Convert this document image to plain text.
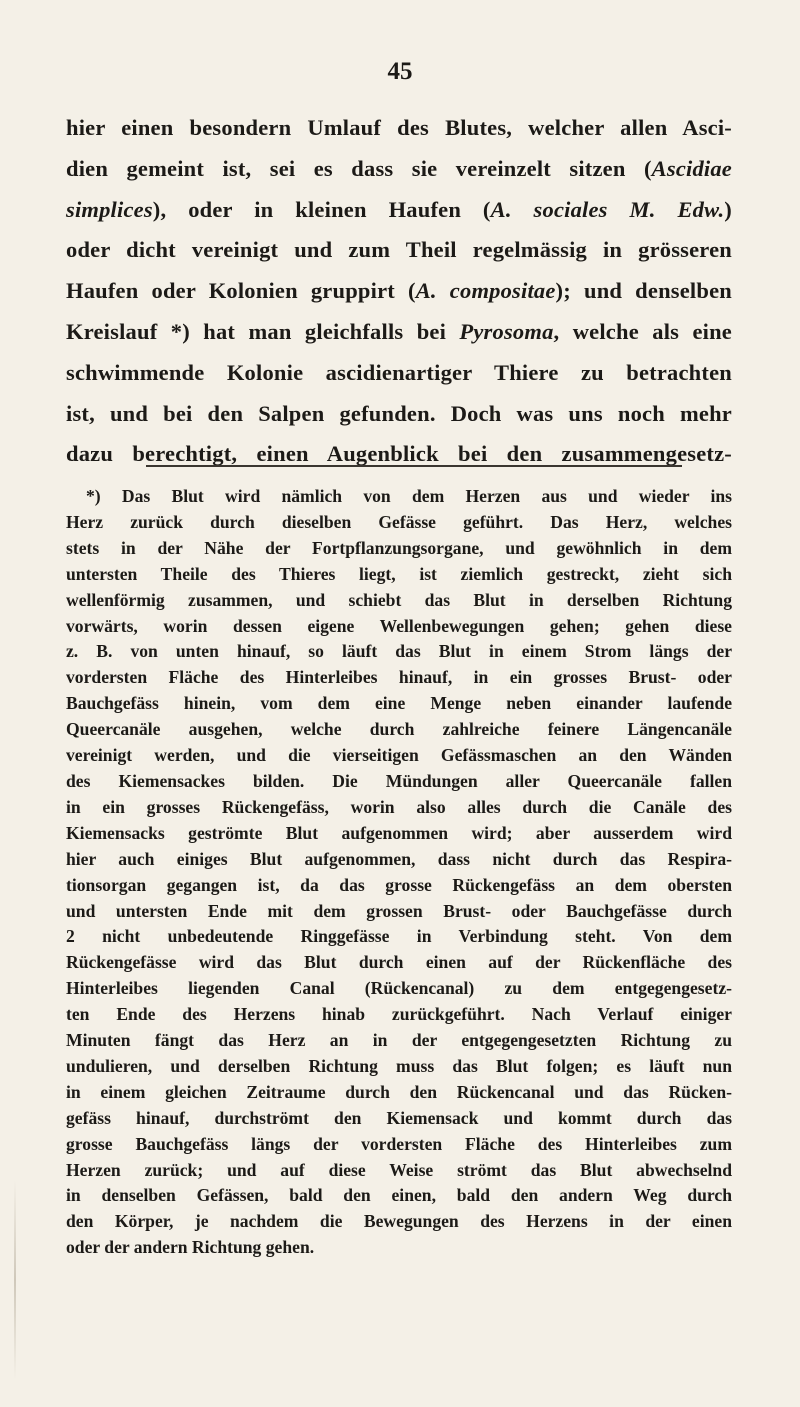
45
hier einen besondern Umlauf des Blutes, welcher allen Asci-
dien gemeint ist, sei es dass sie vereinzelt sitzen (Ascidiae
simplices), oder in kleinen Haufen (A. sociales M. Edw.)
oder dicht vereinigt und zum Theil regelmässig in grösseren
Haufen oder Kolonien gruppirt (A. compositae); und denselben
Kreislauf *) hat man gleichfalls bei Pyrosoma, welche als eine
schwimmende Kolonie ascidienartiger Thiere zu betrachten
ist, und bei den Salpen gefunden. Doch was uns noch mehr
dazu berechtigt, einen Augenblick bei den zusammengesetz-
*) Das Blut wird nämlich von dem Herzen aus und wieder ins
Herz zurück durch dieselben Gefässe geführt. Das Herz, welches
stets in der Nähe der Fortpflanzungsorgane, und gewöhnlich in dem
untersten Theile des Thieres liegt, ist ziemlich gestreckt, zieht sich
wellenförmig zusammen, und schiebt das Blut in derselben Richtung
vorwärts, worin dessen eigene Wellenbewegungen gehen; gehen diese
z. B. von unten hinauf, so läuft das Blut in einem Strom längs der
vordersten Fläche des Hinterleibes hinauf, in ein grosses Brust- oder
Bauchgefäss hinein, vom dem eine Menge neben einander laufende
Queercanäle ausgehen, welche durch zahlreiche feinere Längencanäle
vereinigt werden, und die vierseitigen Gefässmaschen an den Wänden
des Kiemensackes bilden. Die Mündungen aller Queercanäle fallen
in ein grosses Rückengefäss, worin also alles durch die Canäle des
Kiemensacks geströmte Blut aufgenommen wird; aber ausserdem wird
hier auch einiges Blut aufgenommen, dass nicht durch das Respira-
tionsorgan gegangen ist, da das grosse Rückengefäss an dem obersten
und untersten Ende mit dem grossen Brust- oder Bauchgefässe durch
2 nicht unbedeutende Ringgefässe in Verbindung steht. Von dem
Rückengefässe wird das Blut durch einen auf der Rückenfläche des
Hinterleibes liegenden Canal (Rückencanal) zu dem entgegengesetz-
ten Ende des Herzens hinab zurückgeführt. Nach Verlauf einiger
Minuten fängt das Herz an in der entgegengesetzten Richtung zu
undulieren, und derselben Richtung muss das Blut folgen; es läuft nun
in einem gleichen Zeitraume durch den Rückencanal und das Rücken-
gefäss hinauf, durchströmt den Kiemensack und kommt durch das
grosse Bauchgefäss längs der vordersten Fläche des Hinterleibes zum
Herzen zurück; und auf diese Weise strömt das Blut abwechselnd
in denselben Gefässen, bald den einen, bald den andern Weg durch
den Körper, je nachdem die Bewegungen des Herzens in der einen
oder der andern Richtung gehen.
